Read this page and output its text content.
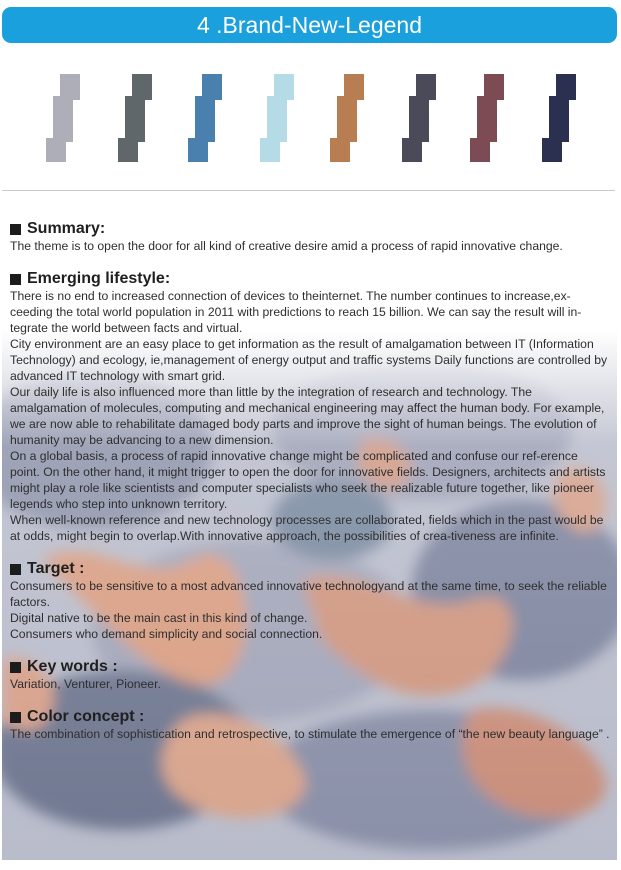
4 .Brand-New-Legend
Summary:

The theme is to open the door for all kind of creative desire amid a process of rapid innovative change.

Emerging lifestyle:

There is no end to increased connection of devices to theinternet. The number continues to increase,ex-ceeding the total world population in 2011 with predictions to reach 15 billion. We can say the result will in-tegrate the world between facts and virtual.

City environment are an easy place to get information as the result of amalgamation between IT (Information Technology) and ecology, ie,management of energy output and traffic systems Daily functions are controlled by advanced IT technology with smart grid.

Our daily life is also influenced more than little by the integration of research and technology. The amalgamation of molecules, computing and mechanical engineering may affect the human body. For example, we are now able to rehabilitate damaged body parts and improve the sight of human beings. The evolution of humanity may be advancing to a new dimension.

On a global basis, a process of rapid innovative change might be complicated and confuse our ref-erence point. On the other hand, it might trigger to open the door for innovative fields. Designers, architects and artists might play a role like scientists and computer specialists who seek the realizable future together, like pioneer legends who step into unknown territory.

When well-known reference and new technology processes are collaborated, fields which in the past would be at odds, might begin to overlap.With innovative approach, the possibilities of crea-tiveness are infinite.

Target :

Consumers to be sensitive to a most advanced innovative technologyand at the same time, to seek the reliable factors.

Digital native to be the main cast in this kind of change.

Consumers who demand simplicity and social connection.

Key words :

Variation, Venturer, Pioneer.

Color concept :

The combination of sophistication and retrospective, to stimulate the emergence of “the new beauty language” .
